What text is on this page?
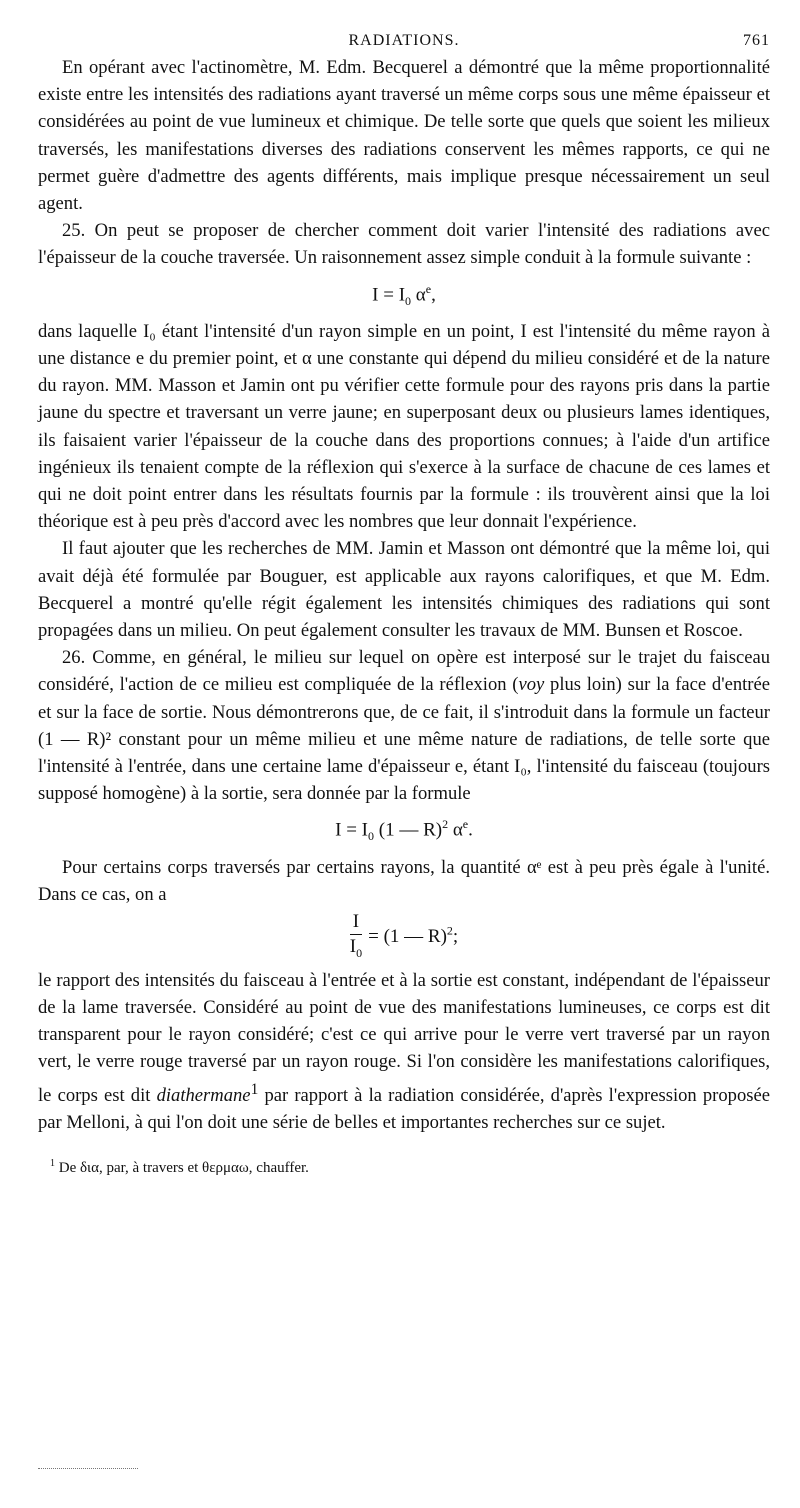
RADIATIONS.	761

En opérant avec l'actinomètre, M. Edm. Becquerel a démontré que la même proportionnalité existe entre les intensités des radiations ayant traversé un même corps sous une même épaisseur et considérées au point de vue lumineux et chimique. De telle sorte que quels que soient les milieux traversés, les manifestations diverses des radiations conservent les mêmes rapports, ce qui ne permet guère d'admettre des agents différents, mais implique presque nécessairement un seul agent.

25. On peut se proposer de chercher comment doit varier l'intensité des radiations avec l'épaisseur de la couche traversée. Un raisonnement assez simple conduit à la formule suivante :

$I = I_0$ $\alpha^e$,

dans laquelle I₀ étant l'intensité d'un rayon simple en un point, I est l'intensité du même rayon à une distance e du premier point, et α une constante qui dépend du milieu considéré et de la nature du rayon. MM. Masson et Jamin ont pu vérifier cette formule pour des rayons pris dans la partie jaune du spectre et traversant un verre jaune; en superposant deux ou plusieurs lames identiques, ils faisaient varier l'épaisseur de la couche dans des proportions connues; à l'aide d'un artifice ingénieux ils tenaient compte de la réflexion qui s'exerce à la surface de chacune de ces lames et qui ne doit point entrer dans les résultats fournis par la formule : ils trouvèrent ainsi que la loi théorique est à peu près d'accord avec les nombres que leur donnait l'expérience.

Il faut ajouter que les recherches de MM. Jamin et Masson ont démontré que la même loi, qui avait déjà été formulée par Bouguer, est applicable aux rayons calorifiques, et que M. Edm. Becquerel a montré qu'elle régit également les intensités chimiques des radiations qui sont propagées dans un milieu. On peut également consulter les travaux de MM. Bunsen et Roscoe.

26. Comme, en général, le milieu sur lequel on opère est interposé sur le trajet du faisceau considéré, l'action de ce milieu est compliquée de la réflexion (voy plus loin) sur la face d'entrée et sur la face de sortie. Nous démontrerons que, de ce fait, il s'introduit dans la formule un facteur (1 — R)² constant pour un même milieu et une même nature de radiations, de telle sorte que l'intensité à l'entrée, dans une certaine lame d'épaisseur e, étant I₀, l'intensité du faisceau (toujours supposé homogène) à la sortie, sera donnée par la formule

$I = I_0$ (1 — R)$^2$ $\alpha^e$.

Pour certains corps traversés par certains rayons, la quantité αᵉ est à peu près égale à l'unité. Dans ce cas, on a

$\frac{I}{I_0} = (1$ — R)$^2$;

le rapport des intensités du faisceau à l'entrée et à la sortie est constant, indépendant de l'épaisseur de la lame traversée. Considéré au point de vue des manifestations lumineuses, ce corps est dit transparent pour le rayon considéré; c'est ce qui arrive pour le verre vert traversé par un rayon vert, le verre rouge traversé par un rayon rouge. Si l'on considère les manifestations calorifiques, le corps est dit diathermane$^1$ par rapport à la radiation considérée, d'après l'expression proposée par Melloni, à qui l'on doit une série de belles et importantes recherches sur ce sujet.

$^1$ De δια, par, à travers et θερμαω, chauffer.
